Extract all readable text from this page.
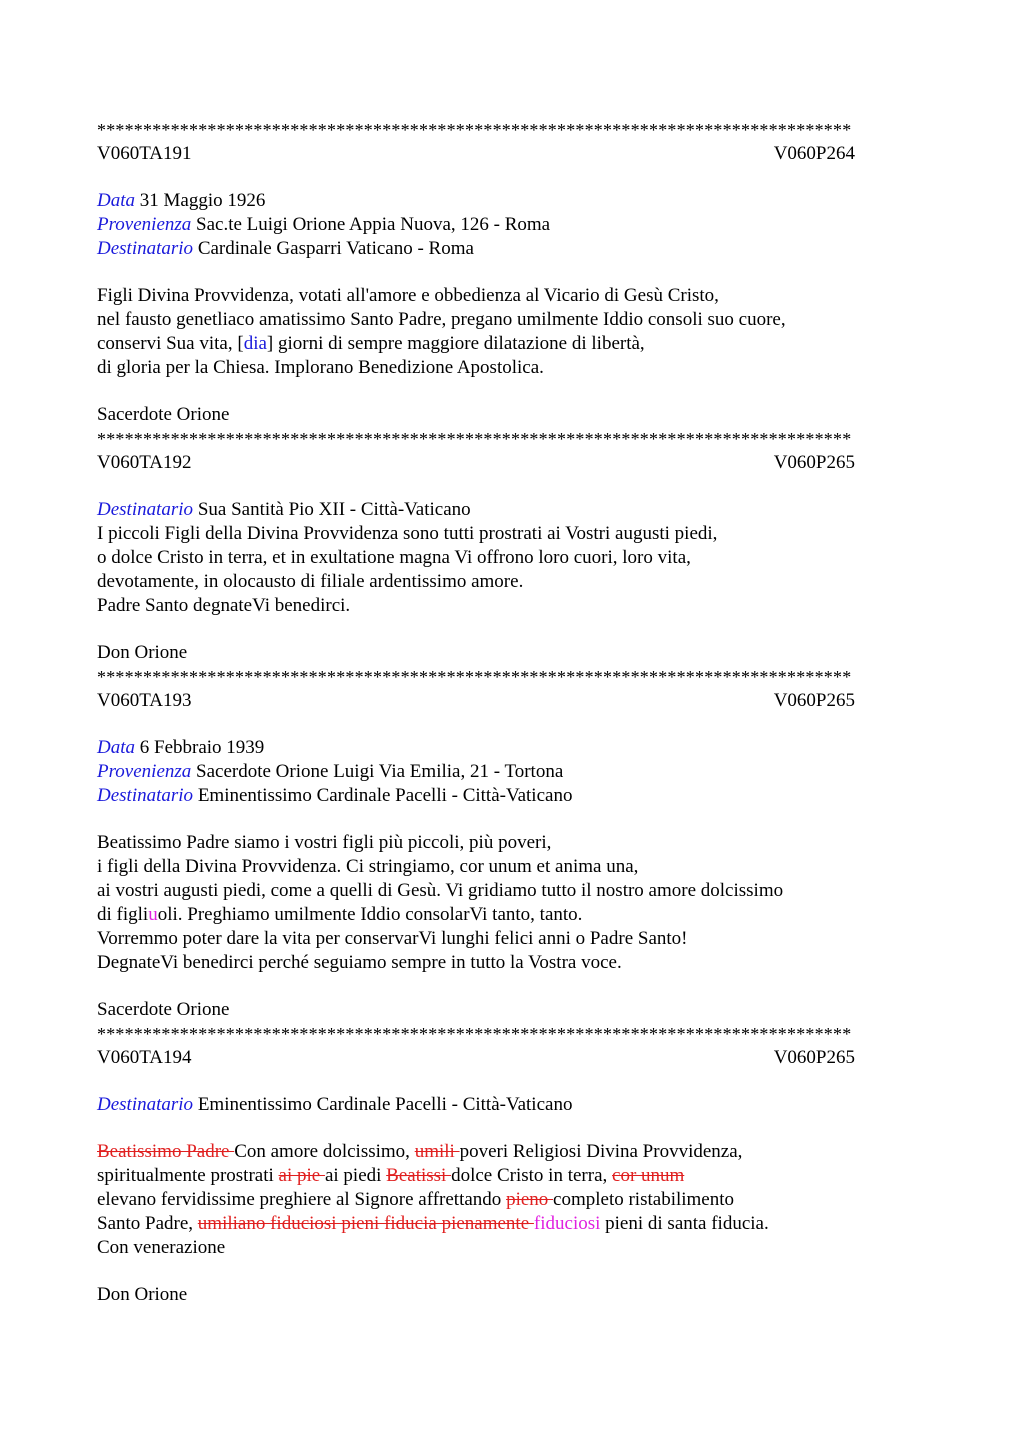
**********************************************************************************
V060TA191	V060P264
Data 31 Maggio 1926
Provenienza Sac.te Luigi Orione Appia Nuova, 126 - Roma
Destinatario Cardinale Gasparri Vaticano - Roma
Figli Divina Provvidenza, votati all'amore e obbedienza al Vicario di Gesù Cristo,
nel fausto genetliaco amatissimo Santo Padre, pregano umilmente Iddio consoli suo cuore,
conservi Sua vita, [dia] giorni di sempre maggiore dilatazione di libertà,
di gloria per la Chiesa. Implorano Benedizione Apostolica.
Sacerdote Orione
**********************************************************************************
V060TA192	V060P265
Destinatario Sua Santità Pio XII - Città-Vaticano
I piccoli Figli della Divina Provvidenza sono tutti prostrati ai Vostri augusti piedi,
o dolce Cristo in terra, et in exultatione magna Vi offrono loro cuori, loro vita,
devotamente, in olocausto di filiale ardentissimo amore.
Padre Santo degnateVi benedirci.
Don Orione
**********************************************************************************
V060TA193	V060P265
Data 6 Febbraio 1939
Provenienza Sacerdote Orione Luigi Via Emilia, 21 - Tortona
Destinatario Eminentissimo Cardinale Pacelli - Città-Vaticano
Beatissimo Padre siamo i vostri figli più piccoli, più poveri,
i figli della Divina Provvidenza. Ci stringiamo, cor unum et anima una,
ai vostri augusti piedi, come a quelli di Gesù. Vi gridiamo tutto il nostro amore dolcissimo
di figliuoli. Preghiamo umilmente Iddio consolarVi tanto, tanto.
Vorremmo poter dare la vita per conservarVi lunghi felici anni o Padre Santo!
DegnateVi benedirci perché seguiamo sempre in tutto la Vostra voce.
Sacerdote Orione
**********************************************************************************
V060TA194	V060P265
Destinatario Eminentissimo Cardinale Pacelli - Città-Vaticano
Beatissimo Padre Con amore dolcissimo, umili poveri Religiosi Divina Provvidenza,
spiritualmente prostrati ai pie ai piedi Beatissi dolce Cristo in terra, cor unum
elevano fervidissime preghiere al Signore affrettando pieno completo ristabilimento
Santo Padre, umiliano fiduciosi pieni fiducia pienamente fiduciosi pieni di santa fiducia.
Con venerazione
Don Orione
